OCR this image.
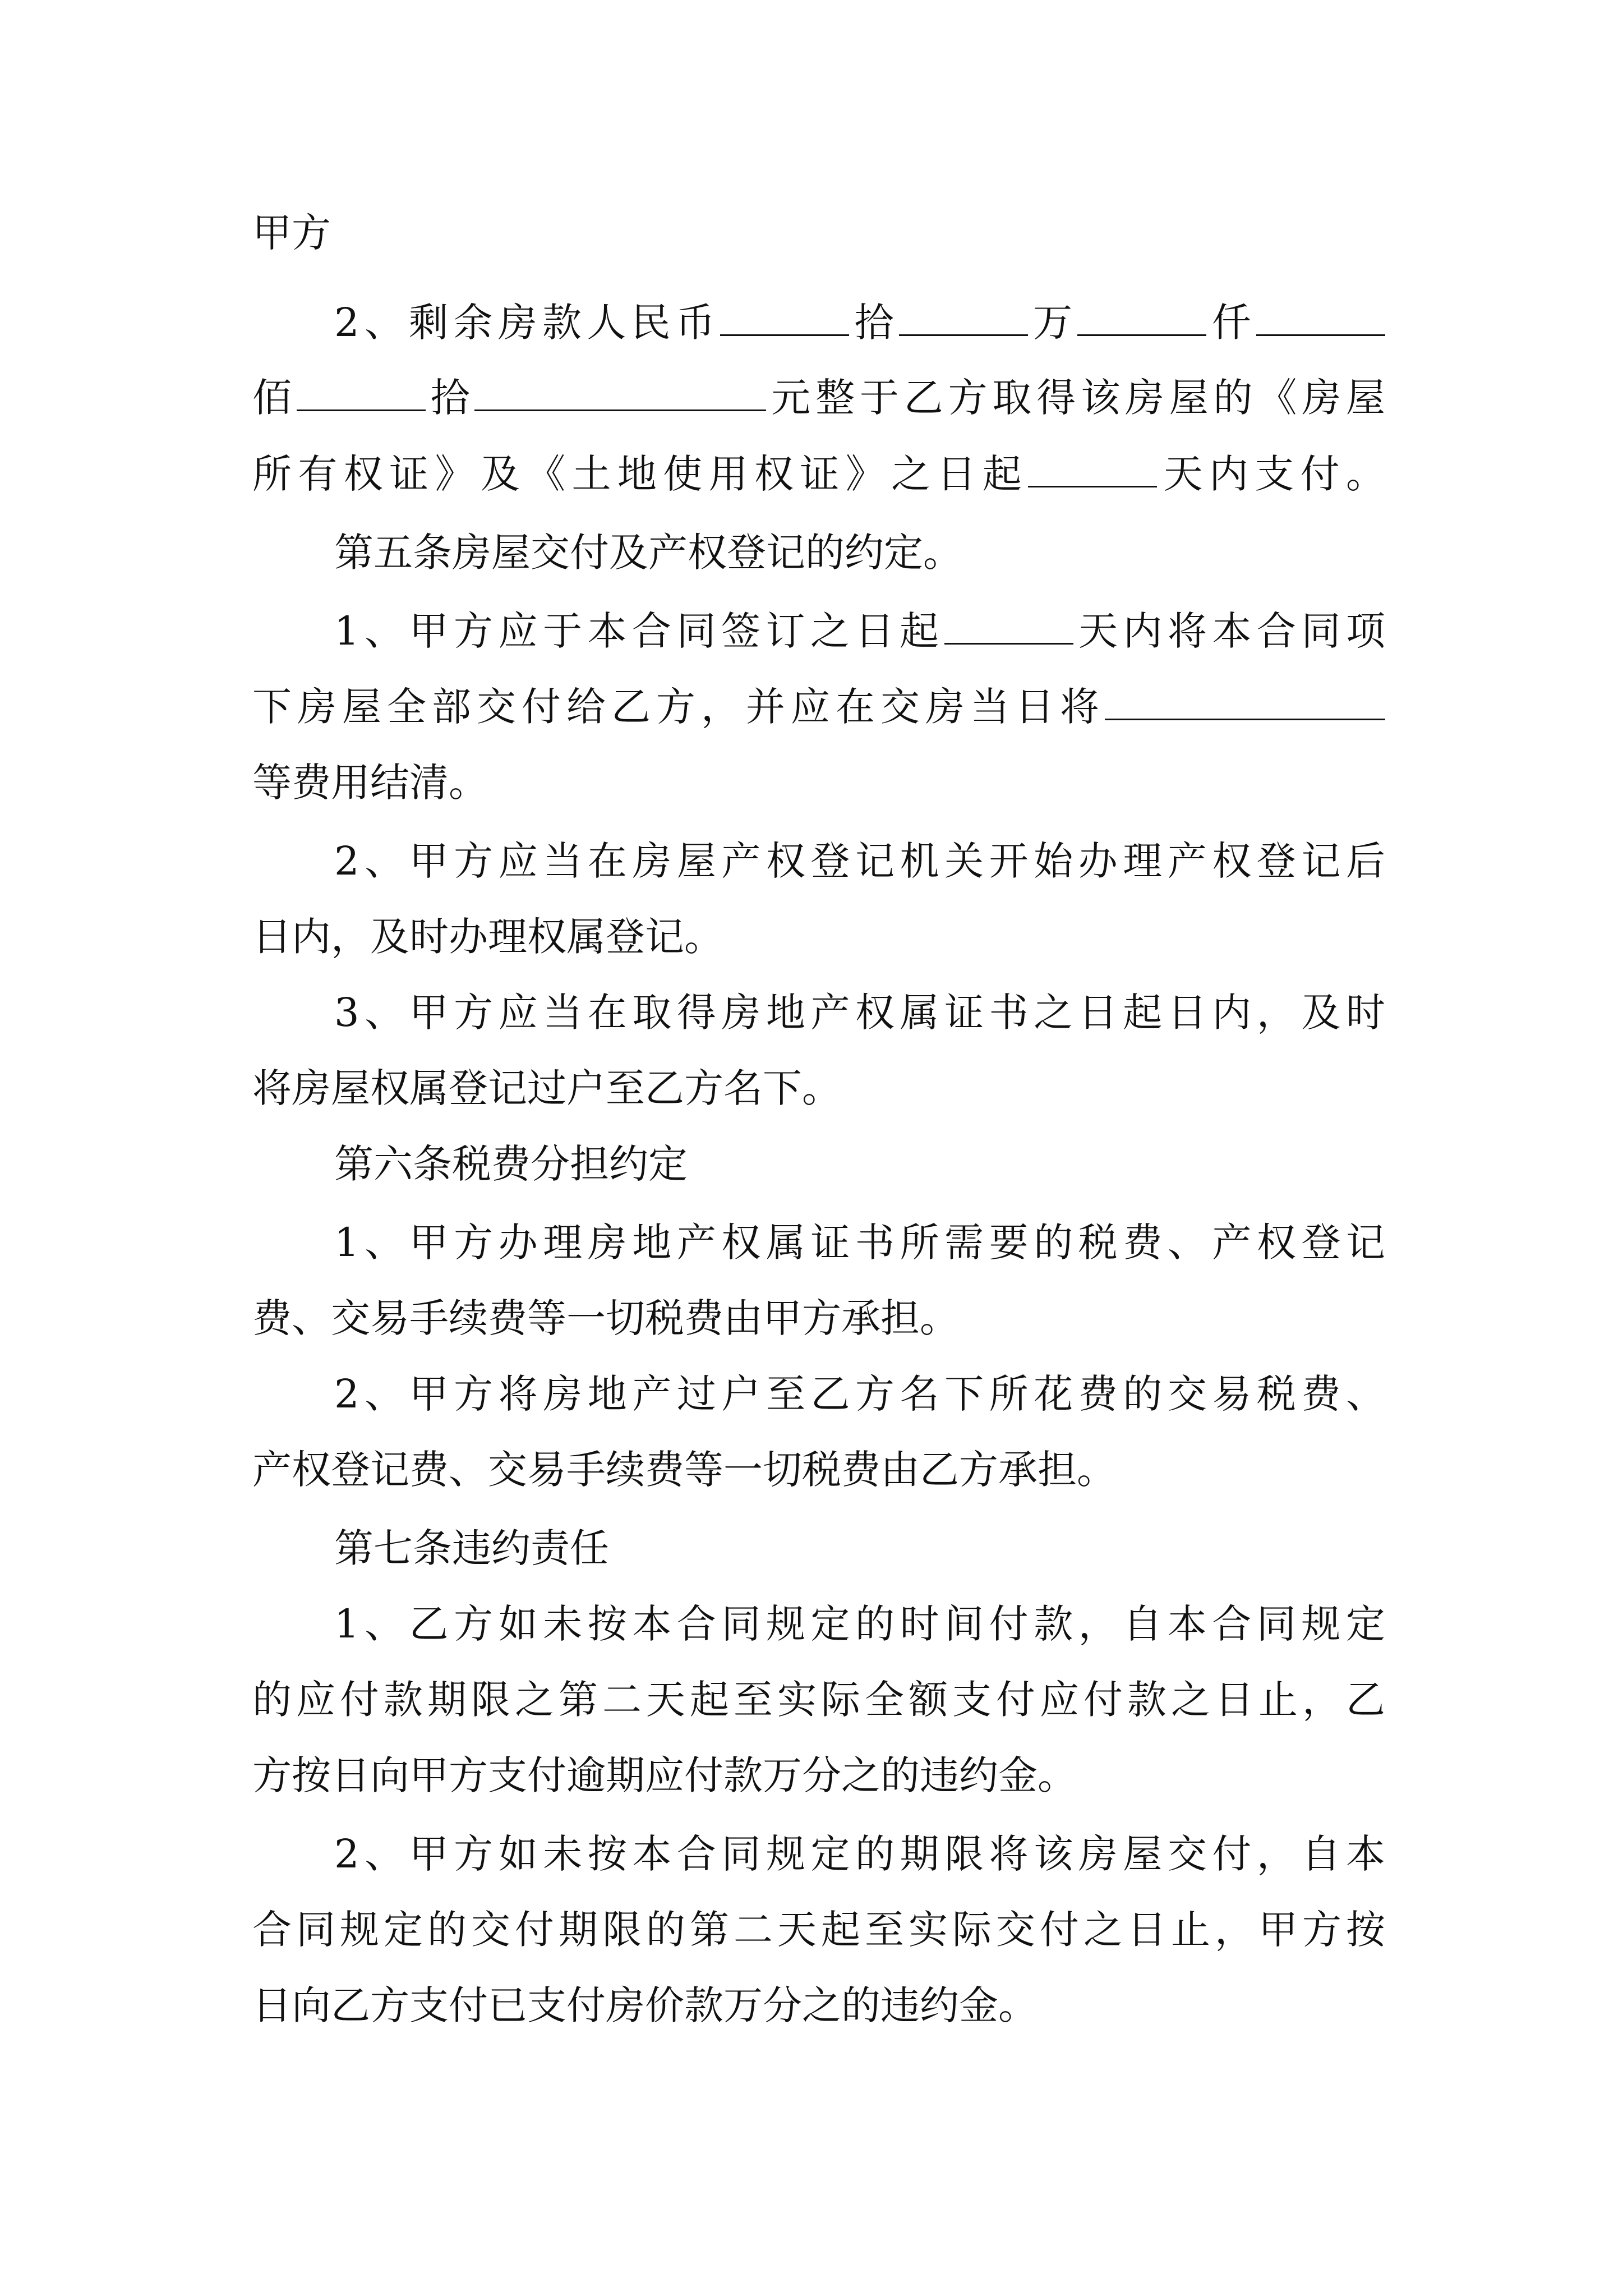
甲方
2、剩余房款人民币	拾	万	仟
佰	拾	元整于乙方取得该房屋的《房屋
所有权证》及《土地使用权证》之日起	天内支付。
第五条房屋交付及产权登记的约定。
1、甲方应于本合同签订之日起	天内将本合同项
下房屋全部交付给乙方，并应在交房当日将
等费用结清。
2、甲方应当在房屋产权登记机关开始办理产权登记后
日内，及时办理权属登记。
3、甲方应当在取得房地产权属证书之日起日内，及时
将房屋权属登记过户至乙方名下。
第六条税费分担约定
1、甲方办理房地产权属证书所需要的税费、产权登记
费、交易手续费等一切税费由甲方承担。
2、甲方将房地产过户至乙方名下所花费的交易税费、
产权登记费、交易手续费等一切税费由乙方承担。
第七条违约责任
1、乙方如未按本合同规定的时间付款，自本合同规定
的应付款期限之第二天起至实际全额支付应付款之日止，乙
方按日向甲方支付逾期应付款万分之的违约金。
2、甲方如未按本合同规定的期限将该房屋交付，自本
合同规定的交付期限的第二天起至实际交付之日止，甲方按
日向乙方支付已支付房价款万分之的违约金。
